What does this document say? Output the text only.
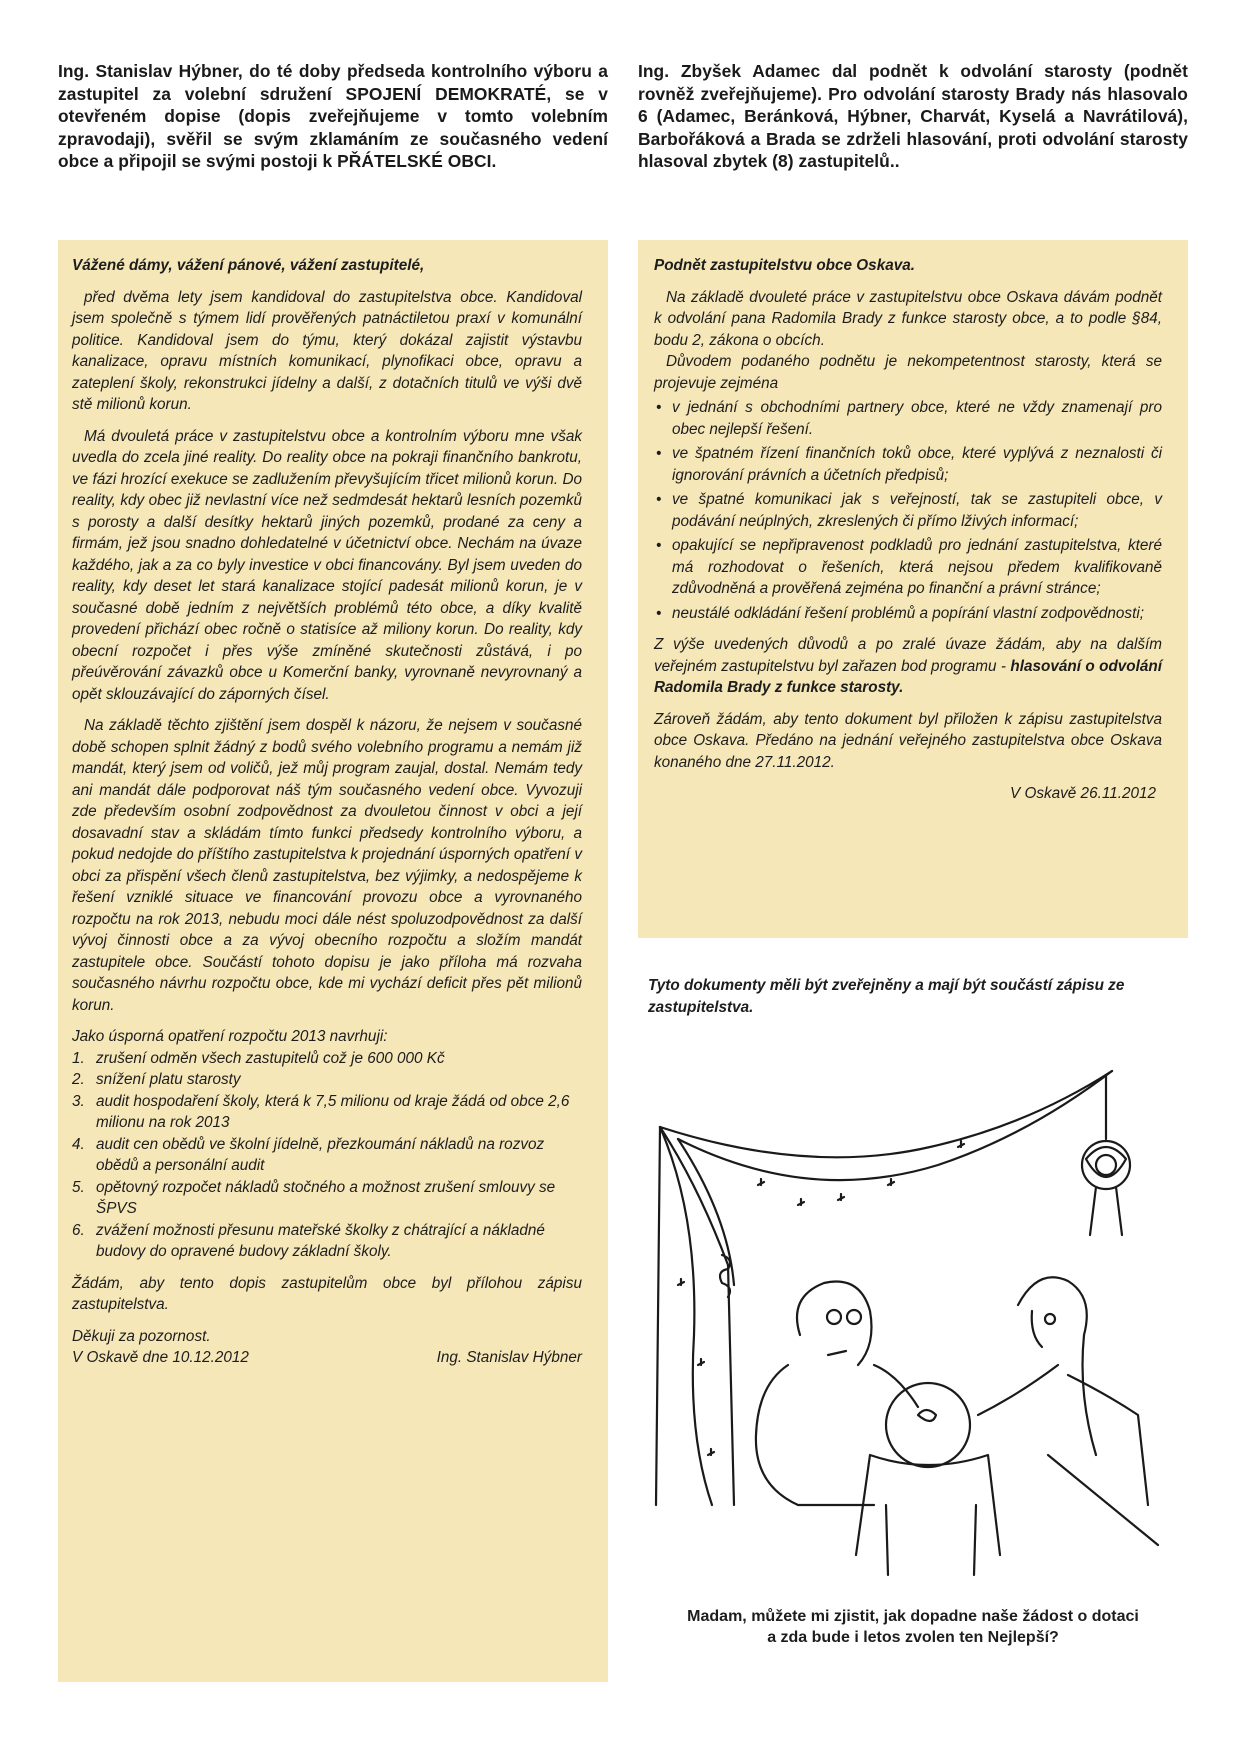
Ing. Stanislav Hýbner, do té doby předseda kontrolního výboru a zastupitel za volební sdružení SPOJENÍ DEMOKRATÉ, se v otevřeném dopise (dopis zveřejňujeme v tomto volebním zpravodaji), svěřil se svým zklamáním ze současného vedení obce a připojil se svými postoji k PŘÁTELSKÉ OBCI.

Vážené dámy, vážení pánové, vážení zastupitelé,

před dvěma lety jsem kandidoval do zastupitelstva obce. Kandidoval jsem společně s týmem lidí prověřených patnáctiletou praxí v komunální politice. Kandidoval jsem do týmu, který dokázal zajistit výstavbu kanalizace, opravu místních komunikací, plynofikaci obce, opravu a zateplení školy, rekonstrukci jídelny a další, z dotačních titulů ve výši dvě stě milionů korun.

Má dvouletá práce v zastupitelstvu obce a kontrolním výboru mne však uvedla do zcela jiné reality. Do reality obce na pokraji finančního bankrotu, ve fázi hrozící exekuce se zadlužením převyšujícím třicet milionů korun. Do reality, kdy obec již nevlastní více než sedmdesát hektarů lesních pozemků s porosty a další desítky hektarů jiných pozemků, prodané za ceny a firmám, jež jsou snadno dohledatelné v účetnictví obce. Nechám na úvaze každého, jak a za co byly investice v obci financovány. Byl jsem uveden do reality, kdy deset let stará kanalizace stojící padesát milionů korun, je v současné době jedním z největších problémů této obce, a díky kvalitě provedení přichází obec ročně o statisíce až miliony korun. Do reality, kdy obecní rozpočet i přes výše zmíněné skutečnosti zůstává, i po přeúvěrování závazků obce u Komerční banky, vyrovnaně nevyrovnaný a opět sklouzávající do záporných čísel.

Na základě těchto zjištění jsem dospěl k názoru, že nejsem v současné době schopen splnit žádný z bodů svého volebního programu a nemám již mandát, který jsem od voličů, jež můj program zaujal, dostal. Nemám tedy ani mandát dále podporovat náš tým současného vedení obce. Vyvozuji zde především osobní zodpovědnost za dvouletou činnost v obci a její dosavadní stav a skládám tímto funkci předsedy kontrolního výboru, a pokud nedojde do příštího zastupitelstva k projednání úsporných opatření v obci za přispění všech členů zastupitelstva, bez výjimky, a nedospějeme k řešení vzniklé situace ve financování provozu obce a vyrovnaného rozpočtu na rok 2013, nebudu moci dále nést spoluzodpovědnost za další vývoj činnosti obce a za vývoj obecního rozpočtu a složím mandát zastupitele obce. Součástí tohoto dopisu je jako příloha má rozvaha současného návrhu rozpočtu obce, kde mi vychází deficit přes pět milionů korun.

Jako úsporná opatření rozpočtu 2013 navrhuji:

1. zrušení odměn všech zastupitelů což je 600 000 Kč
2. snížení platu starosty
3. audit hospodaření školy, která k 7,5 milionu od kraje žádá od obce 2,6 milionu na rok 2013
4. audit cen obědů ve školní jídelně, přezkoumání nákladů na rozvoz obědů a personální audit
5. opětovný rozpočet nákladů stočného a možnost zrušení smlouvy se ŠPVS
6. zvážení možnosti přesunu mateřské školky z chátrající a nákladné budovy do opravené budovy základní školy.

Žádám, aby tento dopis zastupitelům obce byl přílohou zápisu zastupitelstva.

Děkuji za pozornost.

V Oskavě dne 10.12.2012	Ing. Stanislav Hýbner

Ing. Zbyšek Adamec dal podnět k odvolání starosty (podnět rovněž zveřejňujeme). Pro odvolání starosty Brady nás hlasovalo 6 (Adamec, Beránková, Hýbner, Charvát, Kyselá a Navrátilová), Barbořáková a Brada se zdrželi hlasování, proti odvolání starosty hlasoval zbytek (8) zastupitelů..

Podnět zastupitelstvu obce Oskava.

Na základě dvouleté práce v zastupitelstvu obce Oskava dávám podnět k odvolání pana Radomila Brady z funkce starosty obce, a to podle §84, bodu 2, zákona o obcích.

Důvodem podaného podnětu je nekompetentnost starosty, která se projevuje zejména

• v jednání s obchodními partnery obce, které ne vždy znamenají pro obec nejlepší řešení.
• ve špatném řízení finančních toků obce, které vyplývá z neznalosti či ignorování právních a účetních předpisů;
• ve špatné komunikaci jak s veřejností, tak se zastupiteli obce, v podávání neúplných, zkreslených či přímo lživých informací;
• opakující se nepřipravenost podkladů pro jednání zastupitelstva, které má rozhodovat o řešeních, která nejsou předem kvalifikovaně zdůvodněná a prověřená zejména po finanční a právní stránce;
• neustálé odkládání řešení problémů a popírání vlastní zodpovědnosti;

Z výše uvedených důvodů a po zralé úvaze žádám, aby na dalším veřejném zastupitelstvu byl zařazen bod programu - hlasování o odvolání Radomila Brady z funkce starosty.

Zároveň žádám, aby tento dokument byl přiložen k zápisu zastupitelstva obce Oskava. Předáno na jednání veřejného zastupitelstva obce Oskava konaného dne 27.11.2012.

V Oskavě 26.11.2012

Tyto dokumenty měli být zveřejněny a mají být součástí zápisu ze zastupitelstva.

Madam, můžete mi zjistit, jak dopadne naše žádost o dotaci
a zda bude i letos zvolen ten Nejlepší?
